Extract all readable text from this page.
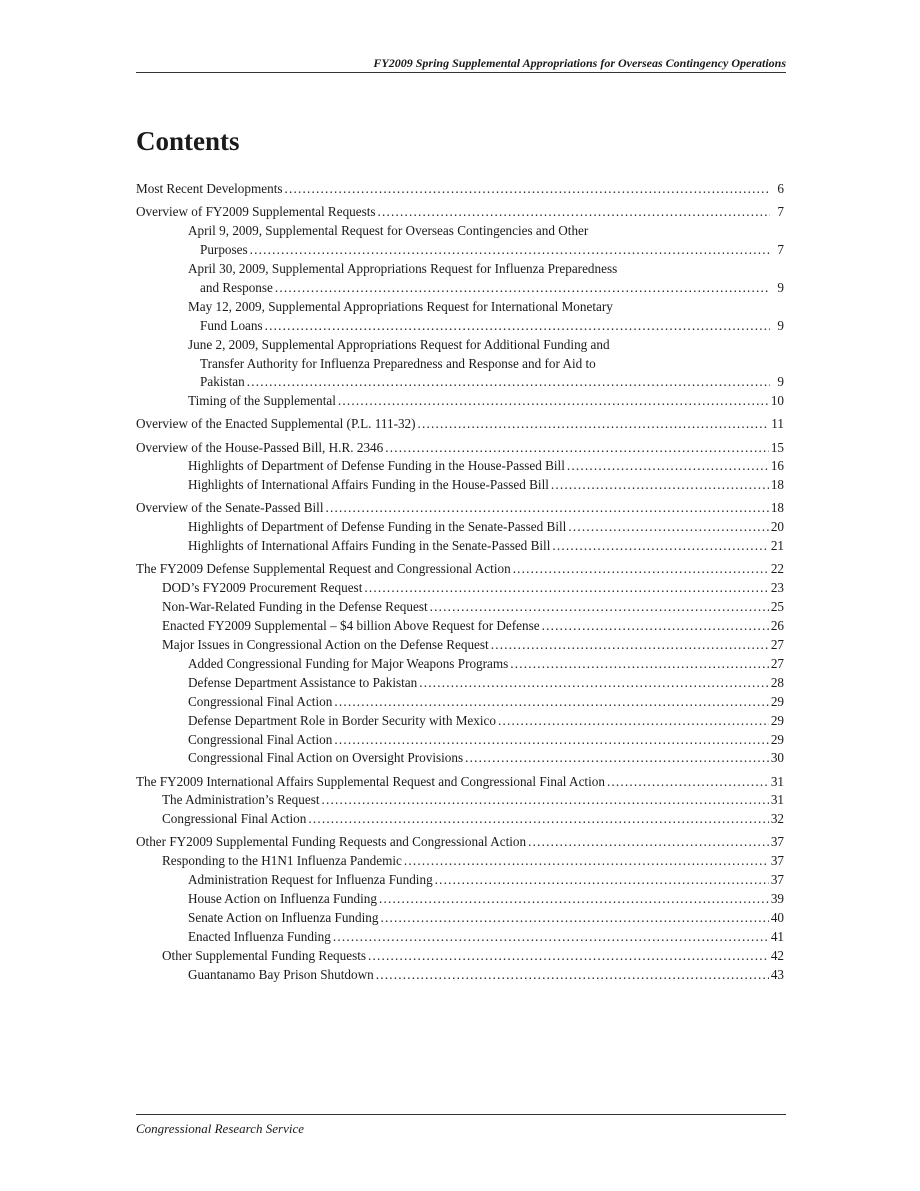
FY2009 Spring Supplemental Appropriations for Overseas Contingency Operations
Contents
Most Recent Developments .....	6
Overview of FY2009 Supplemental Requests .....	7
April 9, 2009, Supplemental Request for Overseas Contingencies and Other
Purposes .....	7
April 30, 2009, Supplemental Appropriations Request for Influenza Preparedness
and Response .....	9
May 12, 2009, Supplemental Appropriations Request for International Monetary
Fund Loans .....	9
June 2, 2009, Supplemental Appropriations Request for Additional Funding and
Transfer Authority for Influenza Preparedness and Response and for Aid to
Pakistan .....	9
Timing of the Supplemental .....	10
Overview of the Enacted Supplemental (P.L. 111-32) .....	11
Overview of the House-Passed Bill, H.R. 2346 .....	15
Highlights of Department of Defense Funding in the House-Passed Bill .....	16
Highlights of International Affairs Funding in the House-Passed Bill .....	18
Overview of the Senate-Passed Bill .....	18
Highlights of Department of Defense Funding in the Senate-Passed Bill .....	20
Highlights of International Affairs Funding in the Senate-Passed Bill .....	21
The FY2009 Defense Supplemental Request and Congressional Action .....	22
DOD’s FY2009 Procurement Request .....	23
Non-War-Related Funding in the Defense Request .....	25
Enacted FY2009 Supplemental – $4 billion Above Request for Defense .....	26
Major Issues in Congressional Action on the Defense Request .....	27
Added Congressional Funding for Major Weapons Programs .....	27
Defense Department Assistance to Pakistan .....	28
Congressional Final Action .....	29
Defense Department Role in Border Security with Mexico .....	29
Congressional Final Action .....	29
Congressional Final Action on Oversight Provisions .....	30
The FY2009 International Affairs Supplemental Request and Congressional Final Action .....	31
The Administration’s Request .....	31
Congressional Final Action .....	32
Other FY2009 Supplemental Funding Requests and Congressional Action .....	37
Responding to the H1N1 Influenza Pandemic .....	37
Administration Request for Influenza Funding .....	37
House Action on Influenza Funding .....	39
Senate Action on Influenza Funding .....	40
Enacted Influenza Funding .....	41
Other Supplemental Funding Requests .....	42
Guantanamo Bay Prison Shutdown .....	43
Congressional Research Service
